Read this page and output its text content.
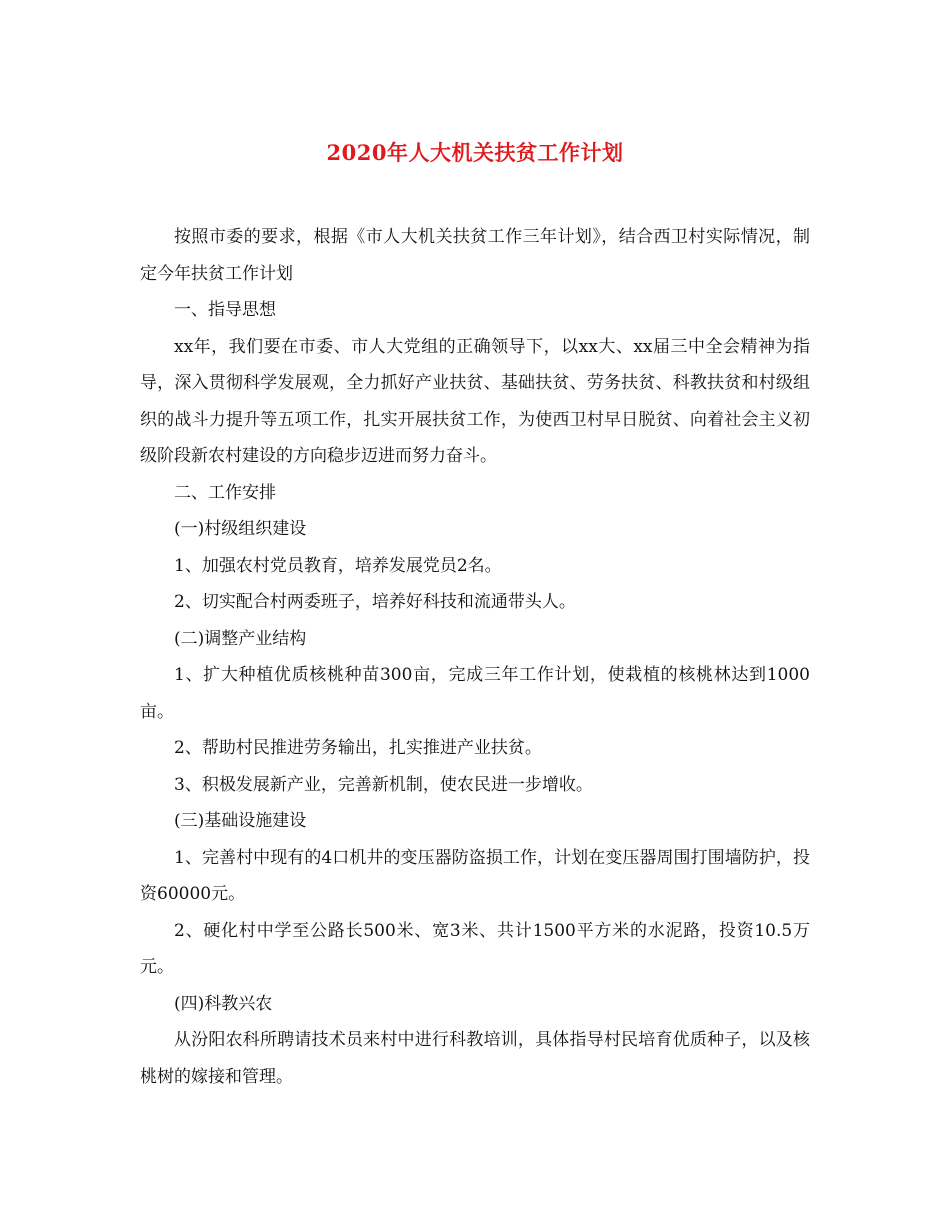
2020年人大机关扶贫工作计划

按照市委的要求，根据《市人大机关扶贫工作三年计划》，结合西卫村实际情况，制定今年扶贫工作计划

一、指导思想

xx年，我们要在市委、市人大党组的正确领导下，以xx大、xx届三中全会精神为指导，深入贯彻科学发展观，全力抓好产业扶贫、基础扶贫、劳务扶贫、科教扶贫和村级组织的战斗力提升等五项工作，扎实开展扶贫工作，为使西卫村早日脱贫、向着社会主义初级阶段新农村建设的方向稳步迈进而努力奋斗。

二、工作安排

(一)村级组织建设

1、加强农村党员教育，培养发展党员2名。

2、切实配合村两委班子，培养好科技和流通带头人。

(二)调整产业结构

1、扩大种植优质核桃种苗300亩，完成三年工作计划，使栽植的核桃林达到1000亩。

2、帮助村民推进劳务输出，扎实推进产业扶贫。

3、积极发展新产业，完善新机制，使农民进一步增收。

(三)基础设施建设

1、完善村中现有的4口机井的变压器防盗损工作，计划在变压器周围打围墙防护，投资60000元。

2、硬化村中学至公路长500米、宽3米、共计1500平方米的水泥路，投资10.5万元。

(四)科教兴农

从汾阳农科所聘请技术员来村中进行科教培训，具体指导村民培育优质种子，以及核桃树的嫁接和管理。
